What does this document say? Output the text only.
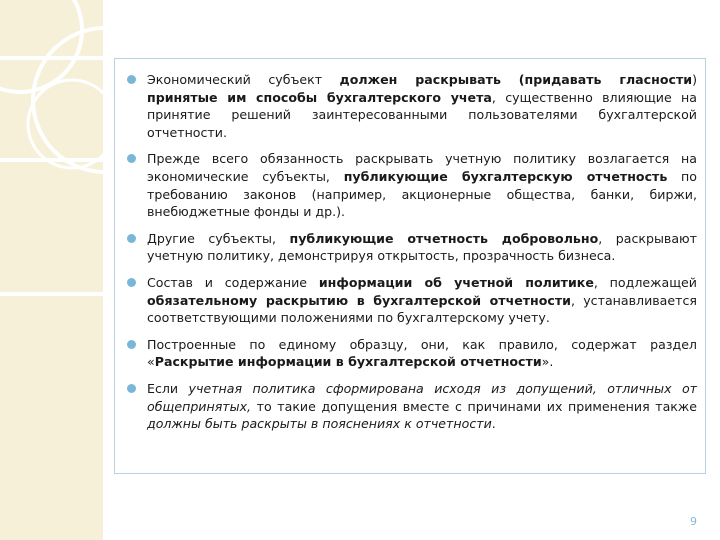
Экономический субъект должен раскрывать (придавать гласности) принятые им способы бухгалтерского учета, существенно влияющие на принятие решений заинтересованными пользователями бухгалтерской отчетности.
Прежде всего обязанность раскрывать учетную политику возлагается на экономические субъекты, публикующие бухгалтерскую отчетность по требованию законов (например, акционерные общества, банки, биржи, внебюджетные фонды и др.).
Другие субъекты, публикующие отчетность добровольно, раскрывают учетную политику, демонстрируя открытость, прозрачность бизнеса.
Состав и содержание информации об учетной политике, подлежащей обязательному раскрытию в бухгалтерской отчетности, устанавливается соответствующими положениями по бухгалтерскому учету.
Построенные по единому образцу, они, как правило, содержат раздел «Раскрытие информации в бухгалтерской отчетности».
Если учетная политика сформирована исходя из допущений, отличных от общепринятых, то такие допущения вместе с причинами их применения также должны быть раскрыты в пояснениях к отчетности.
9
